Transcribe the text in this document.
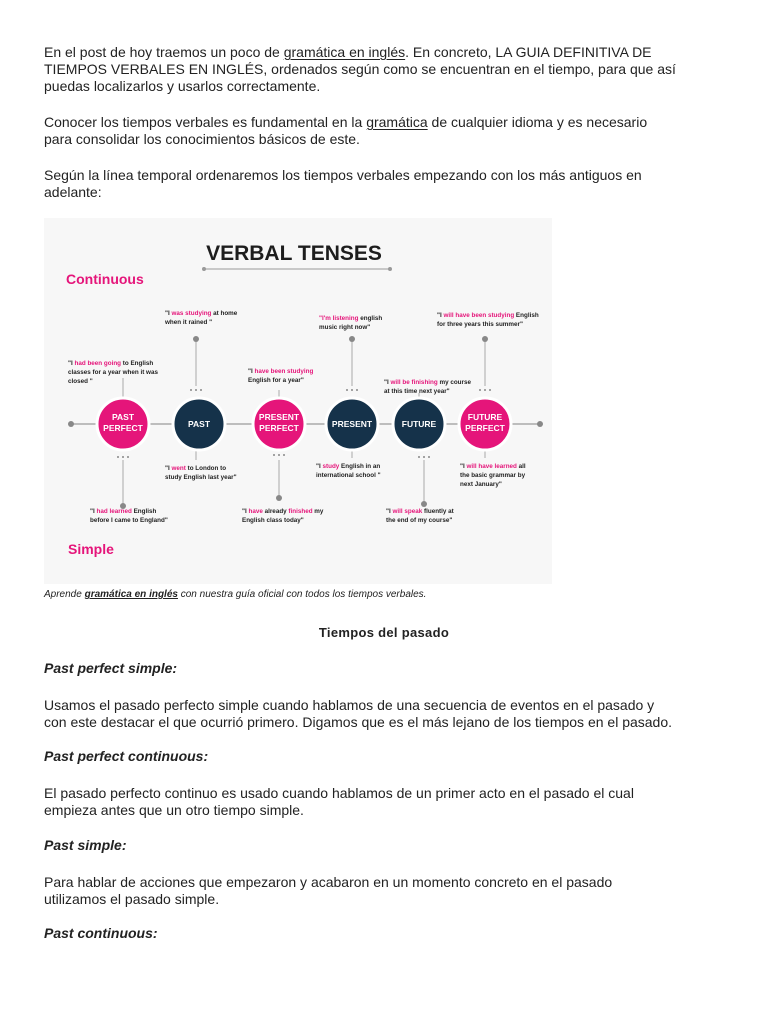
En el post de hoy traemos un poco de gramática en inglés. En concreto, LA GUIA DEFINITIVA DE
TIEMPOS VERBALES EN INGLÉS, ordenados según como se encuentran en el tiempo, para que así
puedas localizarlos y usarlos correctamente.

Conocer los tiempos verbales es fundamental en la gramática de cualquier idioma y es necesario
para consolidar los conocimientos básicos de este.

Según la línea temporal ordenaremos los tiempos verbales empezando con los más antiguos en
adelante:

VERBAL TENSES
Continuous
Simple
PAST
PERFECT	PAST
PRESENT
PERFECT	PRESENT	FUTURE
FUTURE
PERFECT
"I had been going to English
classes for a year when it was
closed "
"I was studying at home
when it rained "
"I have been studying
English for a year"
"I'm listening english
music right now"
"I will be finishing my course
at this time next year"
"I will have been studying English
for three years this summer"
"I had learned English
before I came to England"
"I went to London to
study English last year"
"I have already finished my
English class today"
"I study English in an
international school "
"I will speak fluently at
the end of my course"
"I will have learned all
the basic grammar by
next January"

Aprende gramática en inglés con nuestra guía oficial con todos los tiempos verbales.

Tiempos del pasado

Past perfect simple:

Usamos el pasado perfecto simple cuando hablamos de una secuencia de eventos en el pasado y
con este destacar el que ocurrió primero. Digamos que es el más lejano de los tiempos en el pasado.

Past perfect continuous:

El pasado perfecto continuo es usado cuando hablamos de un primer acto en el pasado el cual
empieza antes que un otro tiempo simple.

Past simple:

Para hablar de acciones que empezaron y acabaron en un momento concreto en el pasado
utilizamos el pasado simple.

Past continuous:
